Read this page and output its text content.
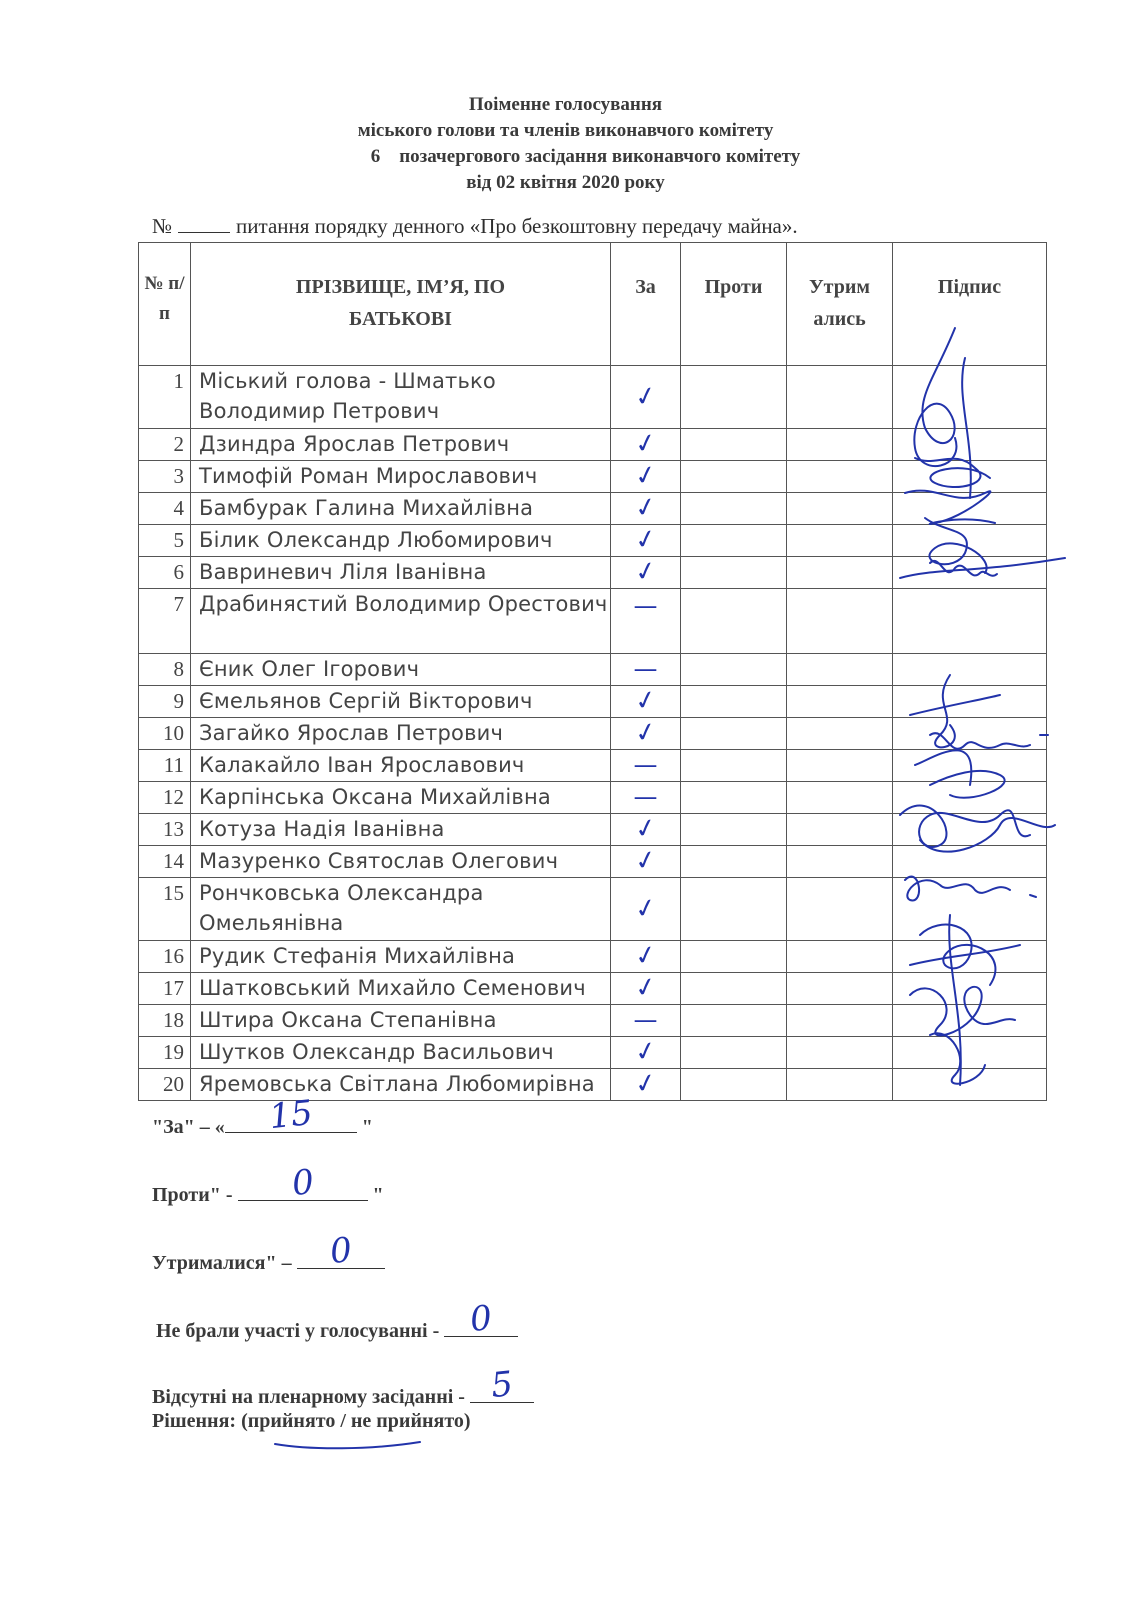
Поіменне голосування
міського голови та членів виконавчого комітету
6 позачергового засідання виконавчого комітету
від 02 квітня 2020 року
№	питання порядку денного «Про безкоштовну передачу майна».
№ п/п	ПРІЗВИЩЕ, ІМ’Я, ПО БАТЬКОВІ	За	Проти	Утрим ались	Підпис
1	Міський голова - Шматько Володимир Петрович	✓			
2	Дзиндра Ярослав Петрович	✓			
3	Тимофій Роман Мирославович	✓			
4	Бамбурак Галина Михайлівна	✓			
5	Білик Олександр Любомирович	✓			
6	Вавриневич Ліля Іванівна	✓			
7	Драбинястий Володимир Орестович	—			
8	Єник Олег Ігорович	—			
9	Ємельянов Сергій Вікторович	✓			
10	Загайко Ярослав Петрович	✓			
11	Калакайло Іван Ярославович	—			
12	Карпінська Оксана Михайлівна	—			
13	Котуза Надія Іванівна	✓			
14	Мазуренко Святослав Олегович	✓			
15	Рончковська Олександра Омельянівна	✓			
16	Рудик Стефанія Михайлівна	✓			
17	Шатковський Михайло Семенович	✓			
18	Штира Оксана Степанівна	—			
19	Шутков Олександр Васильович	✓			
20	Яремовська Світлана Любомирівна	✓			
"За" – « 15 "
Проти" - 0	"
Утрималися" – 0
Не брали участі у голосуванні - 0
Відсутні на пленарному засіданні - 5
Рішення: (прийнято / не прийнято)
